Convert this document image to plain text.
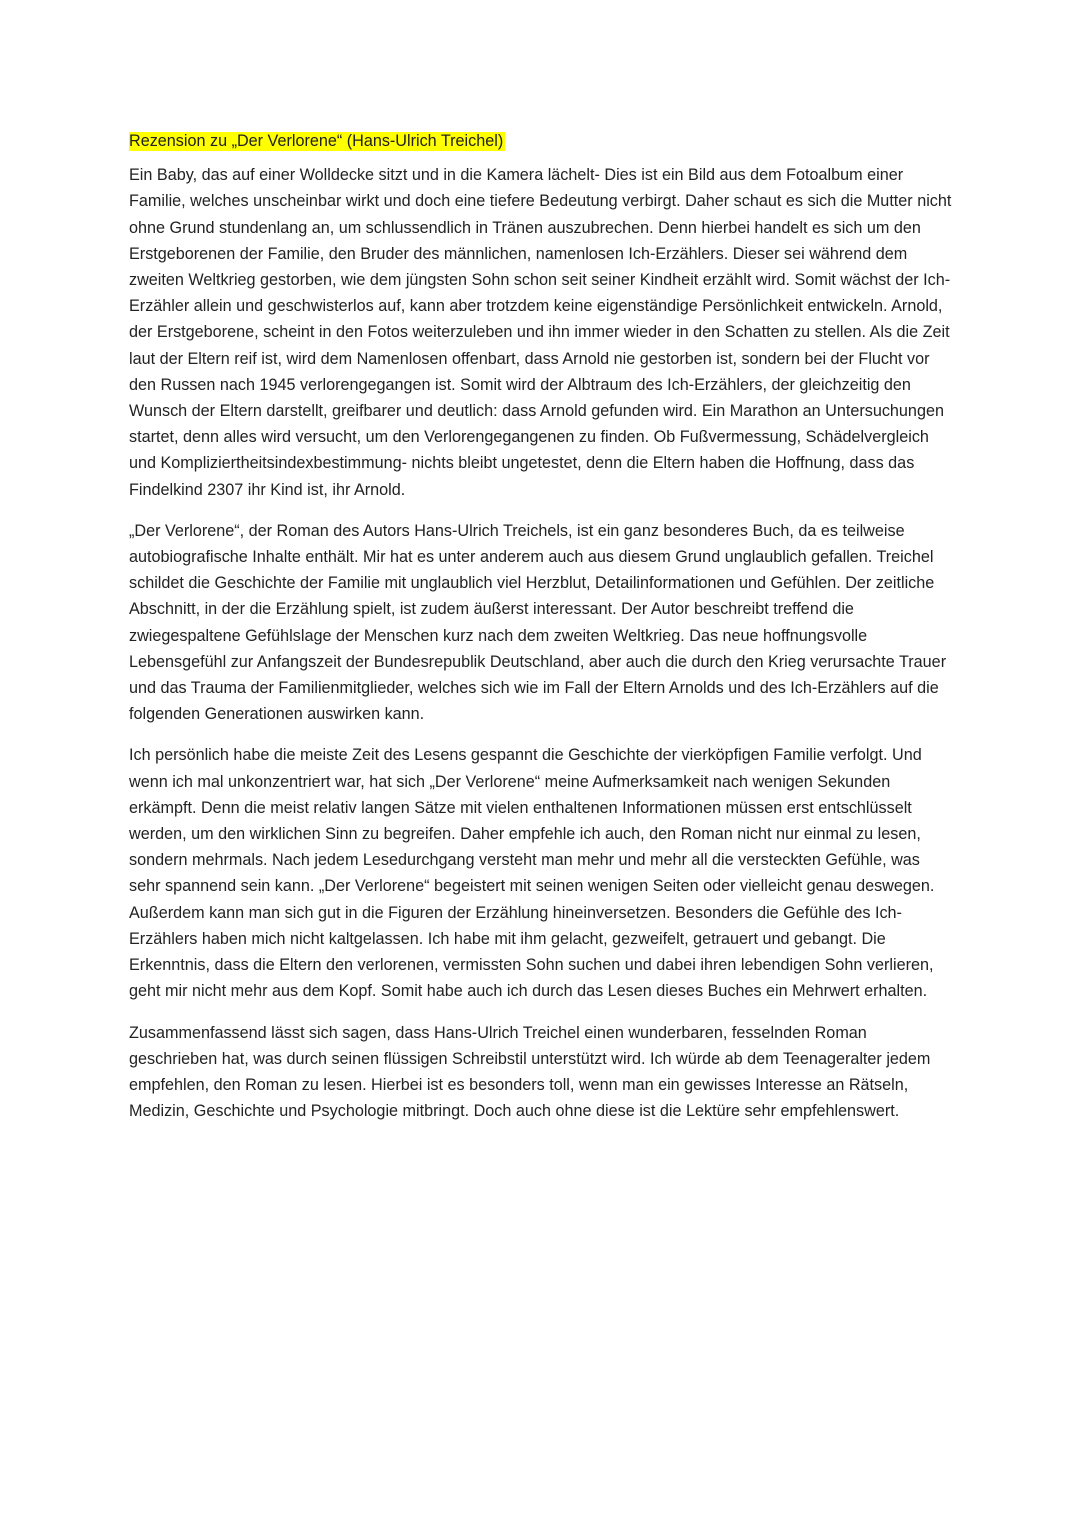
Rezension zu „Der Verlorene“ (Hans-Ulrich Treichel)

Ein Baby, das auf einer Wolldecke sitzt und in die Kamera lächelt- Dies ist ein Bild aus dem Fotoalbum einer Familie, welches unscheinbar wirkt und doch eine tiefere Bedeutung verbirgt. Daher schaut es sich die Mutter nicht ohne Grund stundenlang an, um schlussendlich in Tränen auszubrechen. Denn hierbei handelt es sich um den Erstgeborenen der Familie, den Bruder des männlichen, namenlosen Ich-Erzählers. Dieser sei während dem zweiten Weltkrieg gestorben, wie dem jüngsten Sohn schon seit seiner Kindheit erzählt wird. Somit wächst der Ich-Erzähler allein und geschwisterlos auf, kann aber trotzdem keine eigenständige Persönlichkeit entwickeln. Arnold, der Erstgeborene, scheint in den Fotos weiterzuleben und ihn immer wieder in den Schatten zu stellen. Als die Zeit laut der Eltern reif ist, wird dem Namenlosen offenbart, dass Arnold nie gestorben ist, sondern bei der Flucht vor den Russen nach 1945 verlorengegangen ist. Somit wird der Albtraum des Ich-Erzählers, der gleichzeitig den Wunsch der Eltern darstellt, greifbarer und deutlich: dass Arnold gefunden wird. Ein Marathon an Untersuchungen startet, denn alles wird versucht, um den Verlorengegangenen zu finden. Ob Fußvermessung, Schädelvergleich und Kompliziertheitsindexbestimmung- nichts bleibt ungetestet, denn die Eltern haben die Hoffnung, dass das Findelkind 2307 ihr Kind ist, ihr Arnold.

„Der Verlorene“, der Roman des Autors Hans-Ulrich Treichels, ist ein ganz besonderes Buch, da es teilweise autobiografische Inhalte enthält. Mir hat es unter anderem auch aus diesem Grund unglaublich gefallen. Treichel schildet die Geschichte der Familie mit unglaublich viel Herzblut, Detailinformationen und Gefühlen. Der zeitliche Abschnitt, in der die Erzählung spielt, ist zudem äußerst interessant. Der Autor beschreibt treffend die zwiegespaltene Gefühlslage der Menschen kurz nach dem zweiten Weltkrieg. Das neue hoffnungsvolle Lebensgefühl zur Anfangszeit der Bundesrepublik Deutschland, aber auch die durch den Krieg verursachte Trauer und das Trauma der Familienmitglieder, welches sich wie im Fall der Eltern Arnolds und des Ich-Erzählers auf die folgenden Generationen auswirken kann.

Ich persönlich habe die meiste Zeit des Lesens gespannt die Geschichte der vierköpfigen Familie verfolgt. Und wenn ich mal unkonzentriert war, hat sich „Der Verlorene“ meine Aufmerksamkeit nach wenigen Sekunden erkämpft. Denn die meist relativ langen Sätze mit vielen enthaltenen Informationen müssen erst entschlüsselt werden, um den wirklichen Sinn zu begreifen. Daher empfehle ich auch, den Roman nicht nur einmal zu lesen, sondern mehrmals. Nach jedem Lesedurchgang versteht man mehr und mehr all die versteckten Gefühle, was sehr spannend sein kann. „Der Verlorene“ begeistert mit seinen wenigen Seiten oder vielleicht genau deswegen. Außerdem kann man sich gut in die Figuren der Erzählung hineinversetzen. Besonders die Gefühle des Ich-Erzählers haben mich nicht kaltgelassen. Ich habe mit ihm gelacht, gezweifelt, getrauert und gebangt. Die Erkenntnis, dass die Eltern den verlorenen, vermissten Sohn suchen und dabei ihren lebendigen Sohn verlieren, geht mir nicht mehr aus dem Kopf. Somit habe auch ich durch das Lesen dieses Buches ein Mehrwert erhalten.

Zusammenfassend lässt sich sagen, dass Hans-Ulrich Treichel einen wunderbaren, fesselnden Roman geschrieben hat, was durch seinen flüssigen Schreibstil unterstützt wird. Ich würde ab dem Teenageralter jedem empfehlen, den Roman zu lesen. Hierbei ist es besonders toll, wenn man ein gewisses Interesse an Rätseln, Medizin, Geschichte und Psychologie mitbringt. Doch auch ohne diese ist die Lektüre sehr empfehlenswert.
